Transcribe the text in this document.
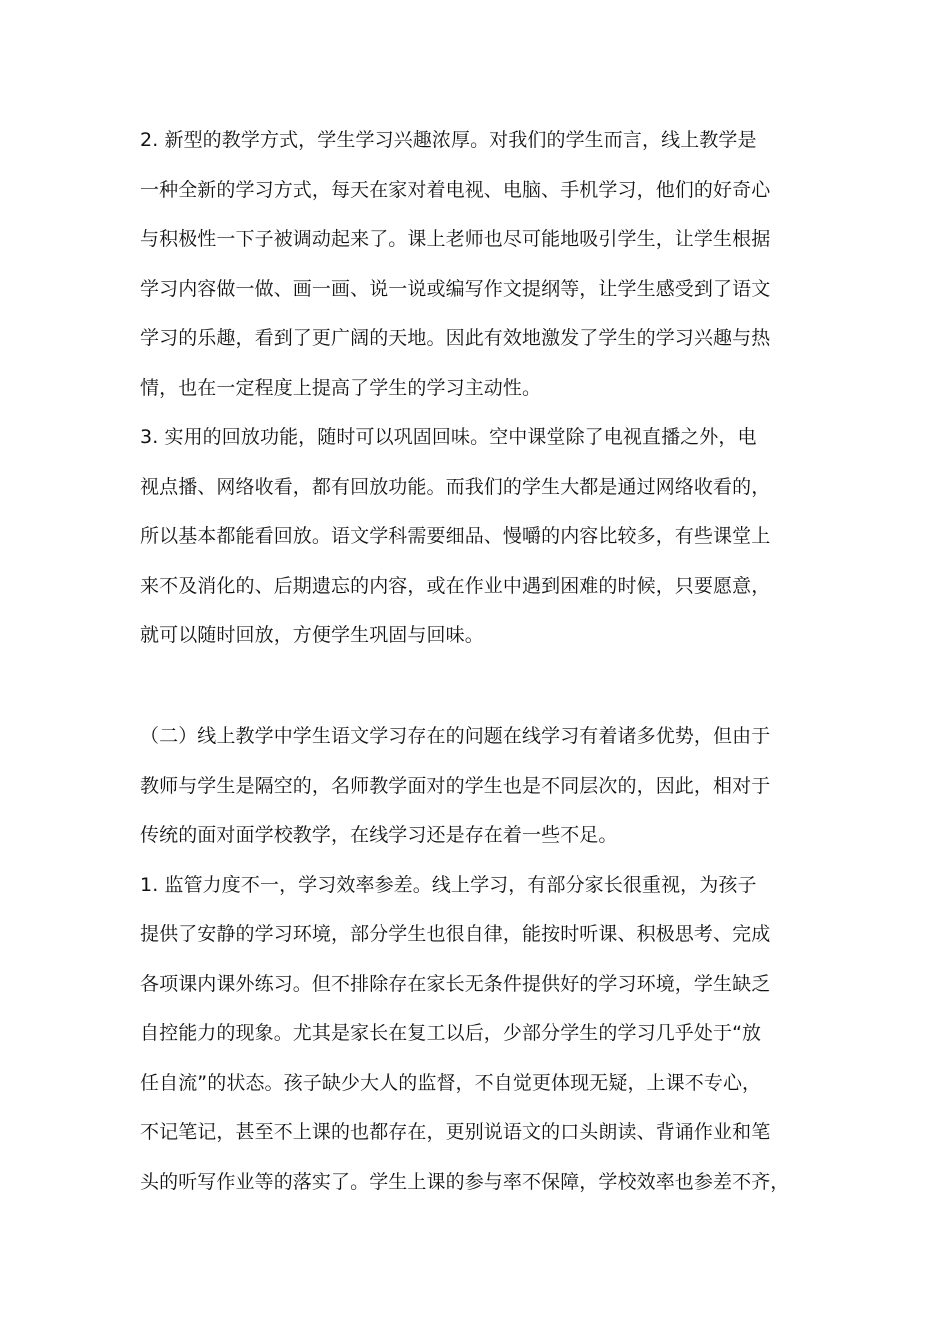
2. 新型的教学方式，学生学习兴趣浓厚。对我们的学生而言，线上教学是
一种全新的学习方式，每天在家对着电视、电脑、手机学习，他们的好奇心
与积极性一下子被调动起来了。课上老师也尽可能地吸引学生，让学生根据
学习内容做一做、画一画、说一说或编写作文提纲等，让学生感受到了语文
学习的乐趣，看到了更广阔的天地。因此有效地激发了学生的学习兴趣与热
情，也在一定程度上提高了学生的学习主动性。
3. 实用的回放功能，随时可以巩固回味。空中课堂除了电视直播之外，电
视点播、网络收看，都有回放功能。而我们的学生大都是通过网络收看的，
所以基本都能看回放。语文学科需要细品、慢嚼的内容比较多，有些课堂上
来不及消化的、后期遗忘的内容，或在作业中遇到困难的时候，只要愿意，
就可以随时回放，方便学生巩固与回味。
（二）线上教学中学生语文学习存在的问题在线学习有着诸多优势，但由于
教师与学生是隔空的，名师教学面对的学生也是不同层次的，因此，相对于
传统的面对面学校教学，在线学习还是存在着一些不足。
1. 监管力度不一，学习效率参差。线上学习，有部分家长很重视，为孩子
提供了安静的学习环境，部分学生也很自律，能按时听课、积极思考、完成
各项课内课外练习。但不排除存在家长无条件提供好的学习环境，学生缺乏
自控能力的现象。尤其是家长在复工以后，少部分学生的学习几乎处于“放
任自流”的状态。孩子缺少大人的监督，不自觉更体现无疑，上课不专心，
不记笔记，甚至不上课的也都存在，更别说语文的口头朗读、背诵作业和笔
头的听写作业等的落实了。学生上课的参与率不保障，学校效率也参差不齐，
